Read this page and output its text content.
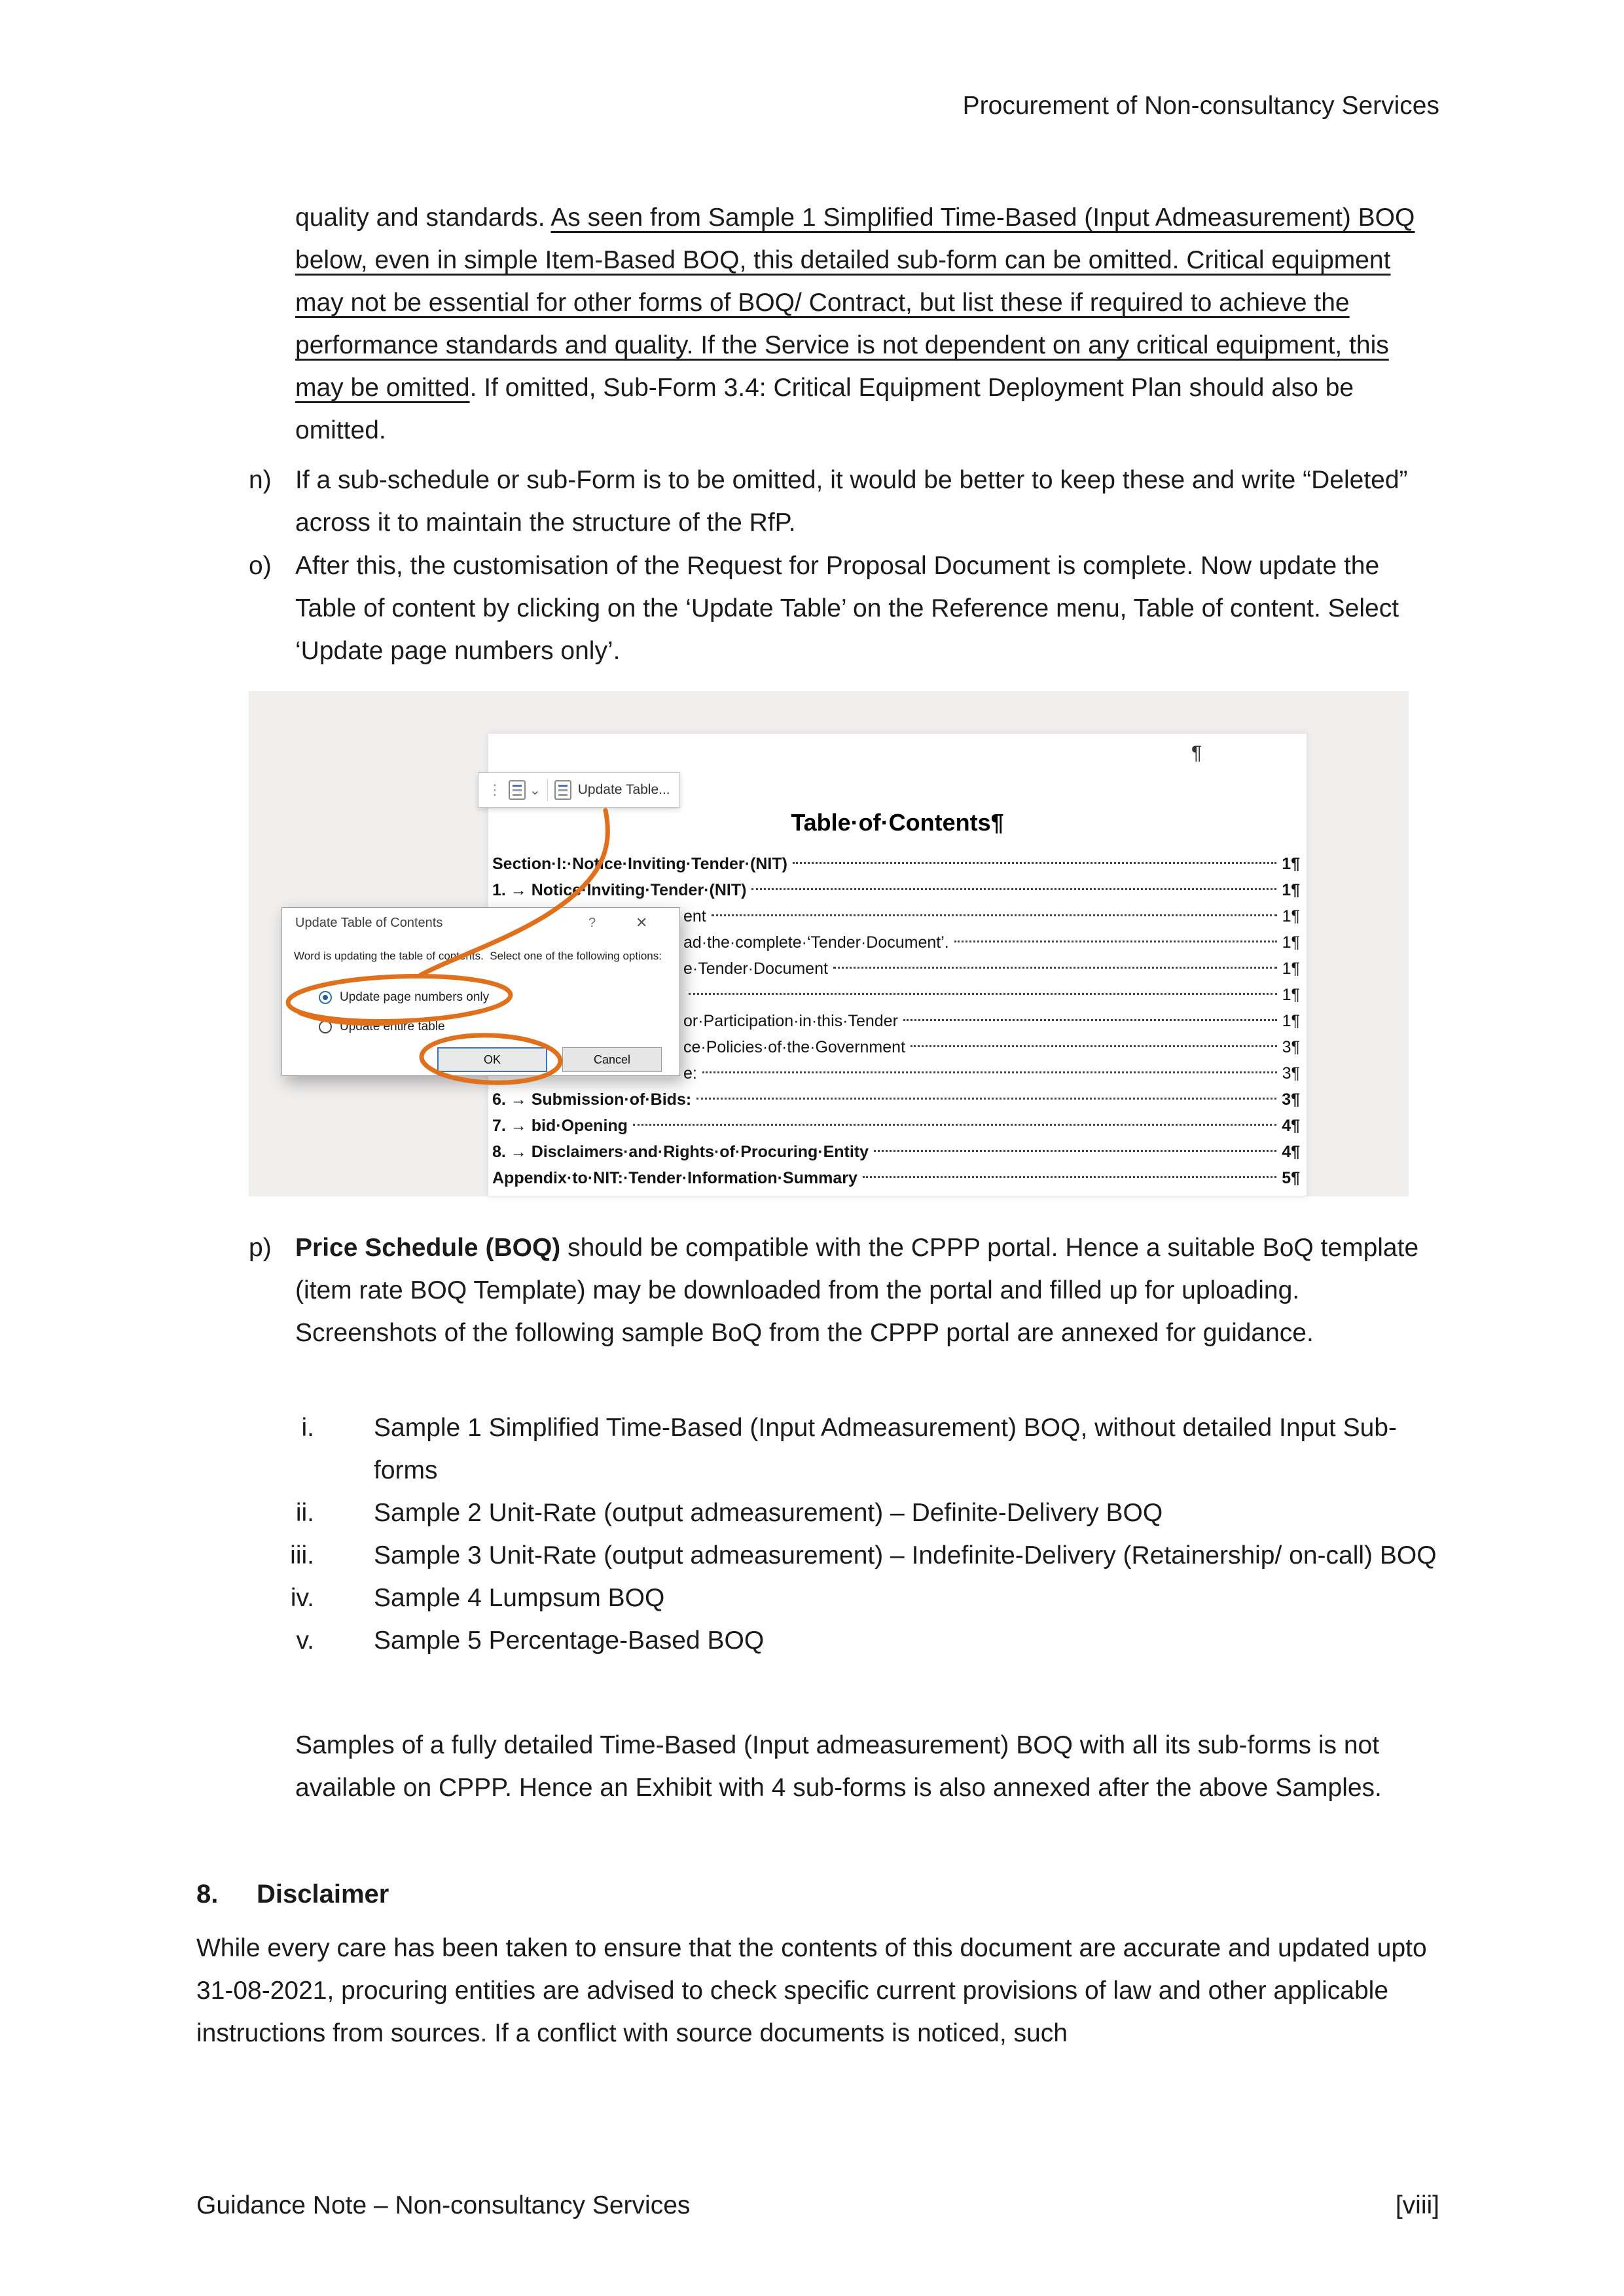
Procurement of Non-consultancy Services
quality and standards. As seen from Sample 1 Simplified Time-Based (Input Admeasurement) BOQ below, even in simple Item-Based BOQ, this detailed sub-form can be omitted. Critical equipment may not be essential for other forms of BOQ/ Contract, but list these if required to achieve the performance standards and quality. If the Service is not dependent on any critical equipment, this may be omitted. If omitted, Sub-Form 3.4: Critical Equipment Deployment Plan should also be omitted.
n) If a sub-schedule or sub-Form is to be omitted, it would be better to keep these and write “Deleted” across it to maintain the structure of the RfP.
o) After this, the customisation of the Request for Proposal Document is complete. Now update the Table of content by clicking on the ‘Update Table’ on the Reference menu, Table of content. Select ‘Update page numbers only’.
¶
⋮ ⌄	Update Table...
Table·of·Contents¶
Section·I:·Notice·Inviting·Tender·(NIT)	1¶
1. → Notice·Inviting·Tender·(NIT)	1¶
ent	1¶
ad·the·complete·‘Tender·Document’.	1¶
e·Tender·Document	1¶
1¶
or·Participation·in·this·Tender	1¶
ce·Policies·of·the·Government	3¶
e:	3¶
6. → Submission·of·Bids:	3¶
7. → bid·Opening	4¶
8. → Disclaimers·and·Rights·of·Procuring·Entity	4¶
Appendix·to·NIT:·Tender·Information·Summary	5¶
Update Table of Contents	?	✕
Word is updating the table of contents.  Select one of the following options:
Update page numbers only
Update entire table
OK	Cancel
p) Price Schedule (BOQ) should be compatible with the CPPP portal. Hence a suitable BoQ template (item rate BOQ Template) may be downloaded from the portal and filled up for uploading. Screenshots of the following sample BoQ from the CPPP portal are annexed for guidance.
i. Sample 1 Simplified Time-Based (Input Admeasurement) BOQ, without detailed Input Sub-forms
ii. Sample 2 Unit-Rate (output admeasurement) – Definite-Delivery BOQ
iii. Sample 3 Unit-Rate (output admeasurement) – Indefinite-Delivery (Retainership/ on-call) BOQ
iv. Sample 4 Lumpsum BOQ
v. Sample 5 Percentage-Based BOQ
Samples of a fully detailed Time-Based (Input admeasurement) BOQ with all its sub-forms is not available on CPPP. Hence an Exhibit with 4 sub-forms is also annexed after the above Samples.
8. Disclaimer
While every care has been taken to ensure that the contents of this document are accurate and updated upto 31-08-2021, procuring entities are advised to check specific current provisions of law and other applicable instructions from sources. If a conflict with source documents is noticed, such
Guidance Note – Non-consultancy Services	[viii]
